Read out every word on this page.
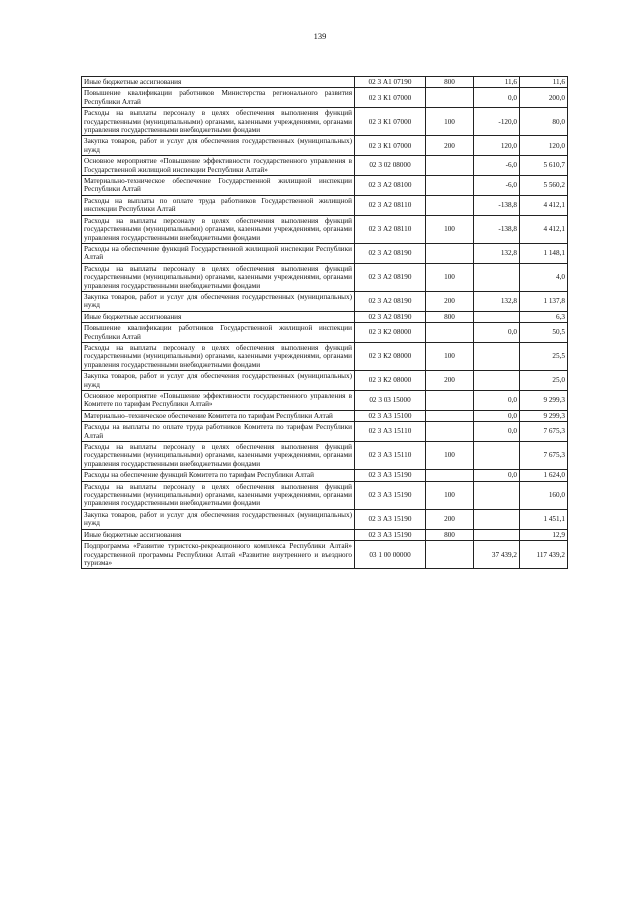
139
Иные бюджетные ассигнования	02 3 А1 07190	800	11,6	11,6
Повышение квалификации работников Министерства регионального развития Республики Алтай	02 3 К1 07000		0,0	200,0
Расходы на выплаты персоналу в целях обеспечения выполнения функций государственными (муниципальными) органами, казенными учреждениями, органами управления государственными внебюджетными фондами	02 3 К1 07000	100	-120,0	80,0
Закупка товаров, работ и услуг для обеспечения государственных (муниципальных) нужд	02 3 К1 07000	200	120,0	120,0
Основное мероприятие «Повышение эффективности государственного управления в Государственной жилищной инспекции Республики Алтай»	02 3 02 08000		-6,0	5 610,7
Материально-техническое обеспечение Государственной жилищной инспекции Республики Алтай	02 3 А2 08100		-6,0	5 560,2
Расходы на выплаты по оплате труда работников Государственной жилищной инспекции Республики Алтай	02 3 А2 08110		-138,8	4 412,1
Расходы на выплаты персоналу в целях обеспечения выполнения функций государственными (муниципальными) органами, казенными учреждениями, органами управления государственными внебюджетными фондами	02 3 А2 08110	100	-138,8	4 412,1
Расходы на обеспечение функций Государственной жилищной инспекции Республики Алтай	02 3 А2 08190		132,8	1 148,1
Расходы на выплаты персоналу в целях обеспечения выполнения функций государственными (муниципальными) органами, казенными учреждениями, органами управления государственными внебюджетными фондами	02 3 А2 08190	100		4,0
Закупка товаров, работ и услуг для обеспечения государственных (муниципальных) нужд	02 3 А2 08190	200	132,8	1 137,8
Иные бюджетные ассигнования	02 3 А2 08190	800		6,3
Повышение квалификации работников Государственной жилищной инспекции Республики Алтай	02 3 К2 08000		0,0	50,5
Расходы на выплаты персоналу в целях обеспечения выполнения функций государственными (муниципальными) органами, казенными учреждениями, органами управления государственными внебюджетными фондами	02 3 К2 08000	100		25,5
Закупка товаров, работ и услуг для обеспечения государственных (муниципальных) нужд	02 3 К2 08000	200		25,0
Основное мероприятие «Повышение эффективности государственного управления в Комитете по тарифам Республики Алтай»	02 3 03 15000		0,0	9 299,3
Материально–техническое обеспечение Комитета по тарифам Республики Алтай	02 3 А3 15100		0,0	9 299,3
Расходы на выплаты по оплате труда работников Комитета по тарифам Республики Алтай	02 3 А3 15110		0,0	7 675,3
Расходы на выплаты персоналу в целях обеспечения выполнения функций государственными (муниципальными) органами, казенными учреждениями, органами управления государственными внебюджетными фондами	02 3 А3 15110	100		7 675,3
Расходы на обеспечение функций Комитета по тарифам Республики Алтай	02 3 А3 15190		0,0	1 624,0
Расходы на выплаты персоналу в целях обеспечения выполнения функций государственными (муниципальными) органами, казенными учреждениями, органами управления государственными внебюджетными фондами	02 3 А3 15190	100		160,0
Закупка товаров, работ и услуг для обеспечения государственных (муниципальных) нужд	02 3 А3 15190	200		1 451,1
Иные бюджетные ассигнования	02 3 А3 15190	800		12,9
Подпрограмма «Развитие туристско-рекреационного комплекса Республики Алтай» государственной программы Республики Алтай «Развитие внутреннего и въездного туризма»	03 1 00 00000		37 439,2	117 439,2
